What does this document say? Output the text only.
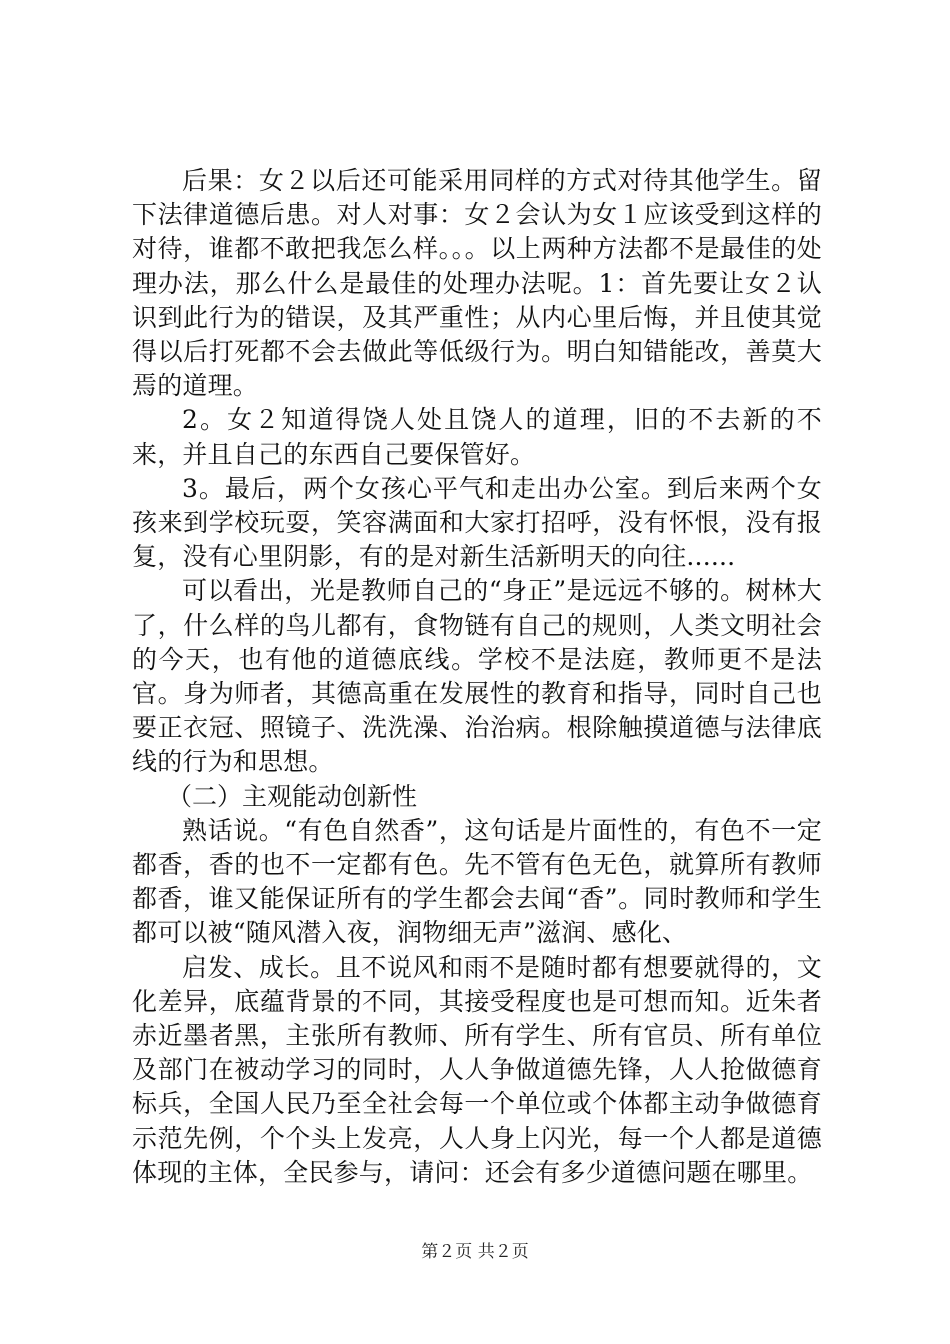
后果：女２以后还可能采用同样的方式对待其他学生。留下法律道德后患。对人对事：女２会认为女１应该受到这样的对待，谁都不敢把我怎么样。。。以上两种方法都不是最佳的处理办法，那么什么是最佳的处理办法呢。1：首先要让女２认识到此行为的错误，及其严重性；从内心里后悔，并且使其觉得以后打死都不会去做此等低级行为。明白知错能改，善莫大焉的道理。

2。女２知道得饶人处且饶人的道理，旧的不去新的不来，并且自己的东西自己要保管好。

3。最后，两个女孩心平气和走出办公室。到后来两个女孩来到学校玩耍，笑容满面和大家打招呼，没有怀恨，没有报复，没有心里阴影，有的是对新生活新明天的向往......

可以看出，光是教师自己的“身正”是远远不够的。树林大了，什么样的鸟儿都有，食物链有自己的规则，人类文明社会的今天，也有他的道德底线。学校不是法庭，教师更不是法官。身为师者，其德高重在发展性的教育和指导，同时自己也要正衣冠、照镜子、洗洗澡、治治病。根除触摸道德与法律底线的行为和思想。

（二）主观能动创新性

熟话说。“有色自然香”，这句话是片面性的，有色不一定都香，香的也不一定都有色。先不管有色无色，就算所有教师都香，谁又能保证所有的学生都会去闻“香”。同时教师和学生都可以被“随风潜入夜，润物细无声”滋润、感化、

启发、成长。且不说风和雨不是随时都有想要就得的，文化差异，底蕴背景的不同，其接受程度也是可想而知。近朱者赤近墨者黑，主张所有教师、所有学生、所有官员、所有单位及部门在被动学习的同时，人人争做道德先锋，人人抢做德育标兵，全国人民乃至全社会每一个单位或个体都主动争做德育示范先例，个个头上发亮，人人身上闪光，每一个人都是道德体现的主体，全民参与，请问：还会有多少道德问题在哪里。

第２页 共２页
